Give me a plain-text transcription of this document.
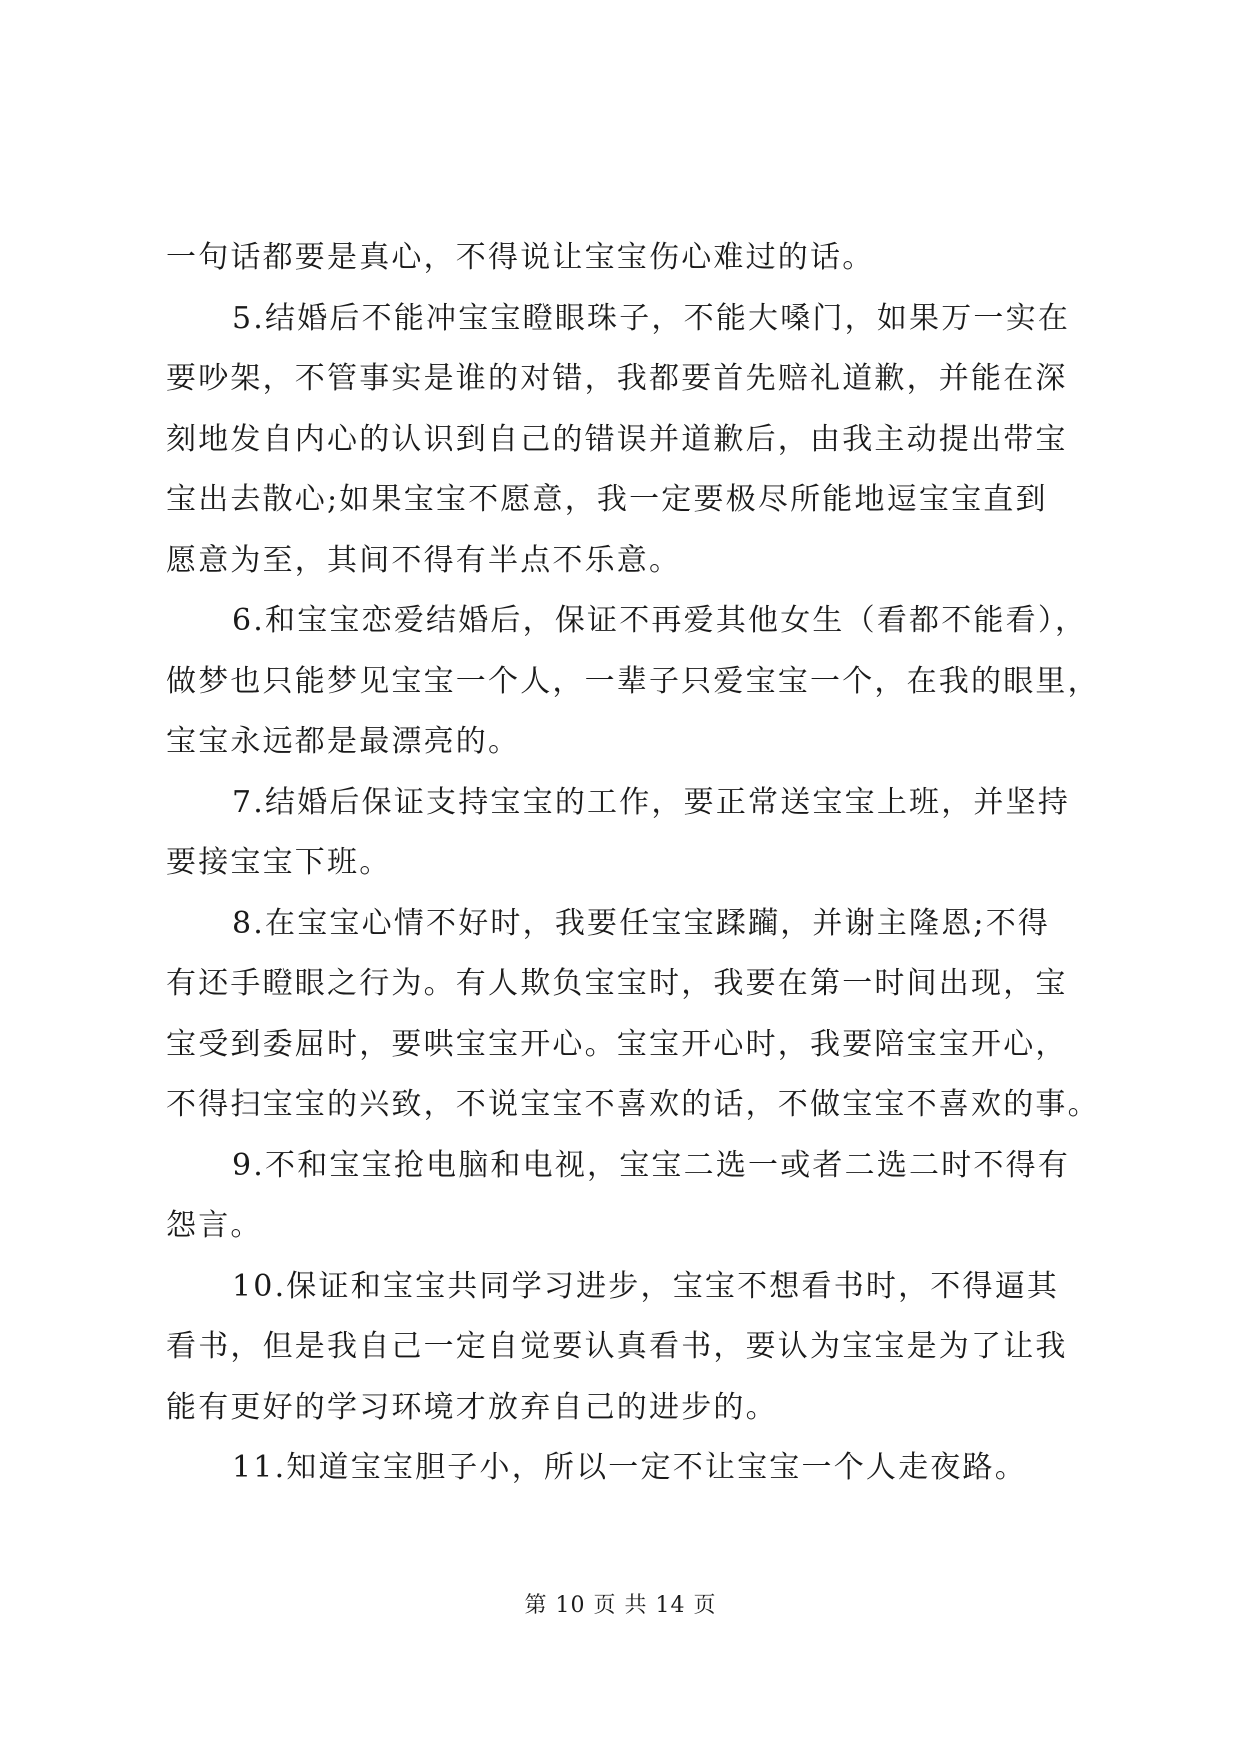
一句话都要是真心，不得说让宝宝伤心难过的话。
5.结婚后不能冲宝宝瞪眼珠子，不能大嗓门，如果万一实在
要吵架，不管事实是谁的对错，我都要首先赔礼道歉，并能在深
刻地发自内心的认识到自己的错误并道歉后，由我主动提出带宝
宝出去散心;如果宝宝不愿意，我一定要极尽所能地逗宝宝直到
愿意为至，其间不得有半点不乐意。
6.和宝宝恋爱结婚后，保证不再爱其他女生（看都不能看），
做梦也只能梦见宝宝一个人，一辈子只爱宝宝一个，在我的眼里，
宝宝永远都是最漂亮的。
7.结婚后保证支持宝宝的工作，要正常送宝宝上班，并坚持
要接宝宝下班。
8.在宝宝心情不好时，我要任宝宝蹂躏，并谢主隆恩;不得
有还手瞪眼之行为。有人欺负宝宝时，我要在第一时间出现，宝
宝受到委屈时，要哄宝宝开心。宝宝开心时，我要陪宝宝开心，
不得扫宝宝的兴致，不说宝宝不喜欢的话，不做宝宝不喜欢的事。
9.不和宝宝抢电脑和电视，宝宝二选一或者二选二时不得有
怨言。
10.保证和宝宝共同学习进步，宝宝不想看书时，不得逼其
看书，但是我自己一定自觉要认真看书，要认为宝宝是为了让我
能有更好的学习环境才放弃自己的进步的。
11.知道宝宝胆子小，所以一定不让宝宝一个人走夜路。
第 10 页 共 14 页
